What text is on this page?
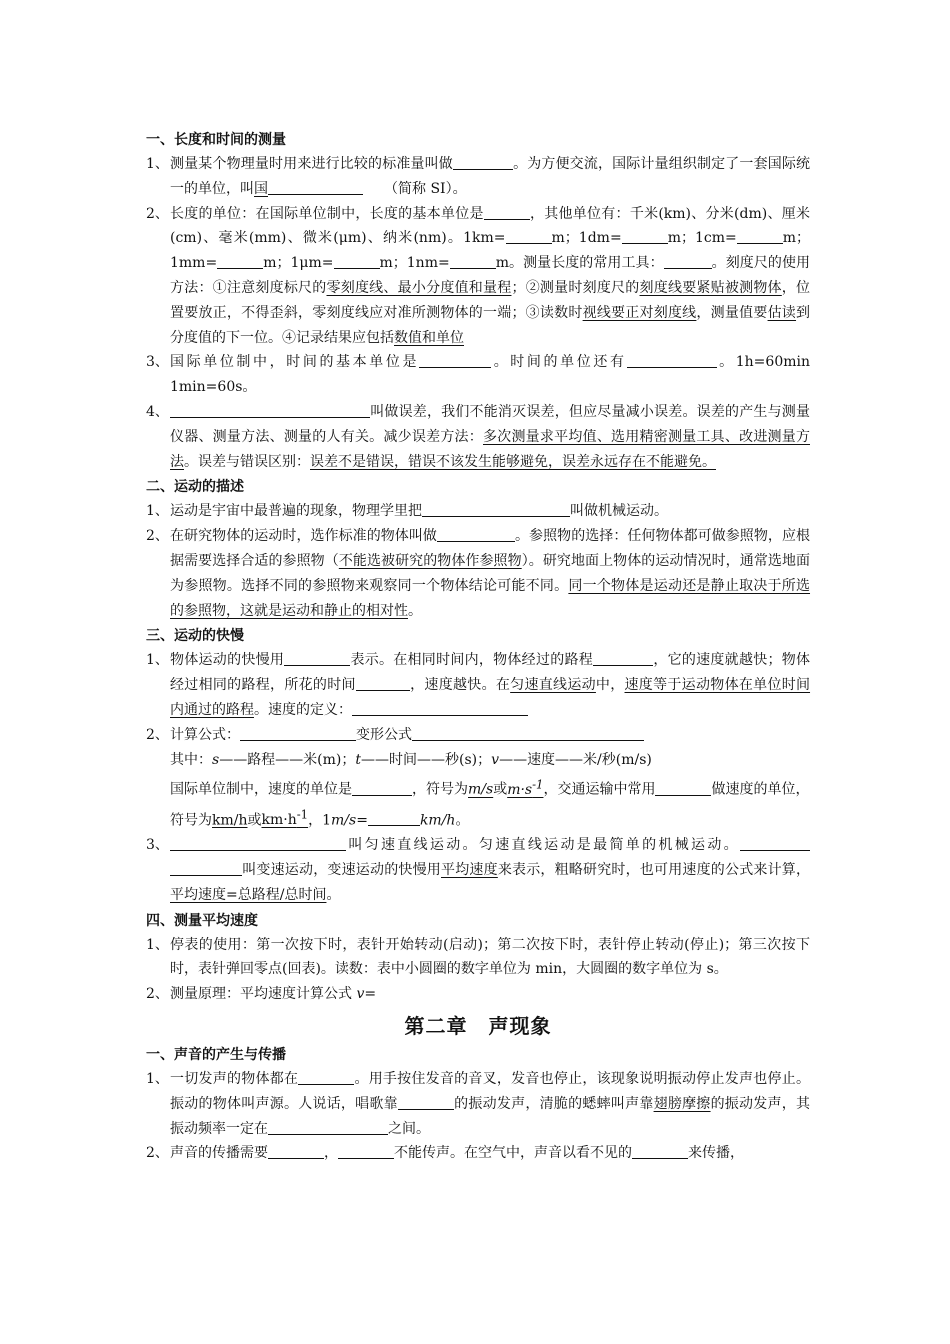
一、长度和时间的测量
1、 测量某个物理量时用来进行比较的标准量叫做	。为方便交流，国际计量组织制定了一套国际统一的单位，叫国　　	（简称 SI）。
2、 长度的单位：在国际单位制中，长度的基本单位是	，其他单位有：千米(km)、分米(dm)、厘米(cm)、毫米(mm)、微米(μm)、纳米(nm)。1km=	m；1dm=	m；1cm=	m；1mm=	m；1μm=	m；1nm=	m。测量长度的常用工具：	。刻度尺的使用方法：①注意刻度标尺的零刻度线、最小分度值和量程；②测量时刻度尺的刻度线要紧贴被测物体，位置要放正，不得歪斜，零刻度线应对准所测物体的一端；③读数时视线要正对刻度线，测量值要估读到分度值的下一位。④记录结果应包括数值和单位
3、 国际单位制中，时间的基本单位是	。时间的单位还有	。1h=60min　1min=60s。
4、	叫做误差，我们不能消灭误差，但应尽量减小误差。误差的产生与测量仪器、测量方法、测量的人有关。减少误差方法：多次测量求平均值、选用精密测量工具、改进测量方法。误差与错误区别：误差不是错误，错误不该发生能够避免，误差永远存在不能避免。
二、运动的描述
1、 运动是宇宙中最普遍的现象，物理学里把	叫做机械运动。
2、 在研究物体的运动时，选作标准的物体叫做	。参照物的选择：任何物体都可做参照物，应根据需要选择合适的参照物（不能选被研究的物体作参照物）。研究地面上物体的运动情况时，通常选地面为参照物。选择不同的参照物来观察同一个物体结论可能不同。同一个物体是运动还是静止取决于所选的参照物，这就是运动和静止的相对性。
三、运动的快慢
1、 物体运动的快慢用	表示。在相同时间内，物体经过的路程	，它的速度就越快；物体经过相同的路程，所花的时间	，速度越快。在匀速直线运动中，速度等于运动物体在单位时间内通过的路程。速度的定义：
2、 计算公式：	变形公式
其中：s——路程——米(m)；t——时间——秒(s)；v——速度——米/秒(m/s)
国际单位制中，速度的单位是	，符号为m/s或$m\cdot s^{-1}$，交通运输中常用	做速度的单位，符号为km/h或$km\cdot h^{-1}$，1m/s=	km/h。
3、	叫匀速直线运动。匀速直线运动是最简单的机械运动。叫变速运动，变速运动的快慢用平均速度来表示，粗略研究时，也可用速度的公式来计算，平均速度=总路程/总时间。
四、测量平均速度
1、 停表的使用：第一次按下时，表针开始转动(启动)；第二次按下时，表针停止转动(停止)；第三次按下时，表针弹回零点(回表)。读数：表中小圆圈的数字单位为 min，大圆圈的数字单位为 s。
2、 测量原理：平均速度计算公式 v=
第二章　声现象
一、声音的产生与传播
1、 一切发声的物体都在	。用手按住发音的音叉，发音也停止，该现象说明振动停止发声也停止。振动的物体叫声源。人说话，唱歌靠	的振动发声，清脆的蟋蟀叫声靠翅膀摩擦的振动发声，其振动频率一定在	之间。
2、 声音的传播需要	，	不能传声。在空气中，声音以看不见的	来传播，
